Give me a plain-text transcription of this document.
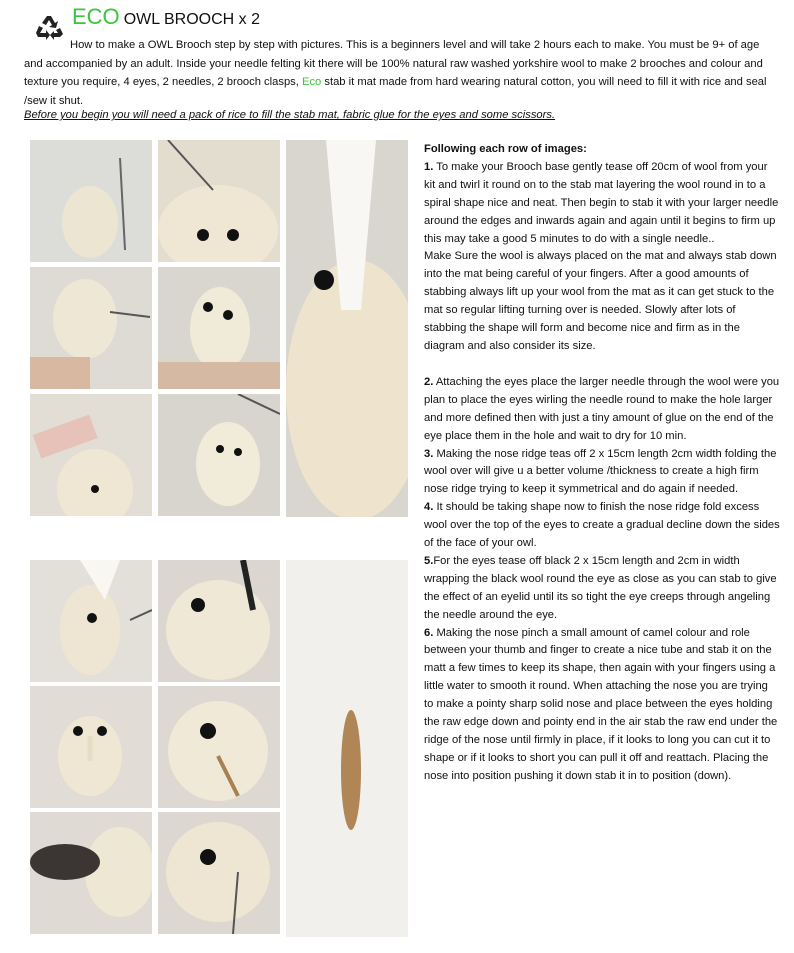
ECO OWL BROOCH x 2
How to make a OWL Brooch step by step with pictures. This is a beginners level and will take 2 hours each to make. You must be 9+ of age and accompanied by an adult. Inside your needle felting kit there will be 100% natural raw washed yorkshire wool to make 2 brooches and colour and texture you require, 4 eyes, 2 needles, 2 brooch clasps, Eco stab it mat made from hard wearing natural cotton, you will need to fill it with rice and seal /sew it shut.
Before you begin you will need a pack of rice to fill the stab mat, fabric glue for the eyes and some scissors.

Following each row of images:

1. To make your Brooch base gently tease off 20cm of wool from your kit and twirl it round on to the stab mat layering the wool round in to a spiral shape nice and neat. Then begin to stab it with your larger needle around the edges and inwards again and again until it begins to firm up this may take a good 5 minutes to do with a single needle..

Make Sure the wool is always placed on the mat and always stab down into the mat being careful of your fingers. After a good amounts of stabbing always lift up your wool from the mat as it can get stuck to the mat so regular lifting turning over is needed. Slowly after lots of stabbing the shape will form and become nice and firm as in the diagram and also consider its size.

2. Attaching the eyes place the larger needle through the wool were you plan to place the eyes wirling the needle round to make the hole larger and more defined then with just a tiny amount of glue on the end of the eye place them in the hole and wait to dry for 10 min.

3. Making the nose ridge teas off 2 x 15cm length 2cm width folding the wool over will give u a better volume /thickness to create a high firm nose ridge trying to keep it symmetrical and do again if needed.

4. It should be taking shape now to finish the nose ridge fold excess wool over the top of the eyes to create a gradual decline down the sides of the face of your owl.

5.For the eyes tease off black 2 x 15cm length and 2cm in width wrapping the black wool round the eye as close as you can stab to give the effect of an eyelid until its so tight the eye creeps through angeling the needle around the eye.

6. Making the nose pinch a small amount of camel colour and role between your thumb and finger to create a nice tube and stab it on the matt a few times to keep its shape, then again with your fingers using a little water to smooth it round. When attaching the nose you are trying to make a pointy sharp solid nose and place between the eyes holding the raw edge down and pointy end in the air stab the raw end under the ridge of the nose until firmly in place, if it looks to long you can cut it to shape or if it looks to short you can pull it off and reattach. Placing the nose into position pushing it down stab it in to position (down).
